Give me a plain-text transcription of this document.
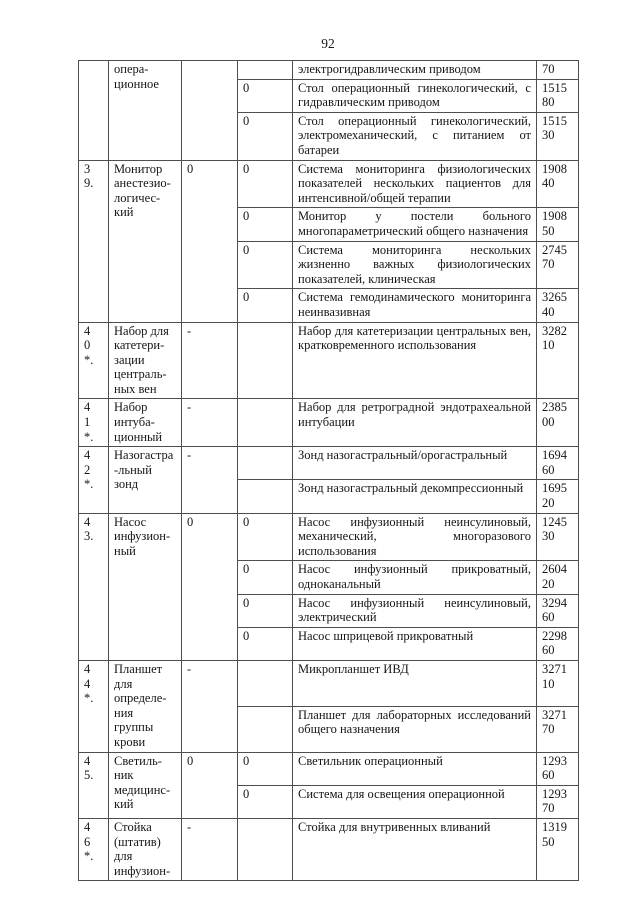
92
	опера-
ционное			электрогидравлическим приводом	70
			0	Стол операционный гинекологический, с гидравлическим приводом	1515
80
			0	Стол операционный гинекологический, электромеханический, с питанием от батареи	1515
30
3
9.	Монитор
анестезио-
логичес-
кий	0	0	Система мониторинга физиологических показателей нескольких пациентов для интенсивной/общей терапии	1908
40
			0	Монитор у постели больного многопараметрический общего назначения	1908
50
			0	Система мониторинга нескольких жизненно важных физиологических показателей, клиническая	2745
70
			0	Система гемодинамического мониторинга неинвазивная	3265
40
4
0
*.	Набор для
катетери-
зации
централь-
ных вен	-		Набор для катетеризации центральных вен, кратковременного использования	3282
10
4
1
*.	Набор
интуба-
ционный	-		Набор для ретроградной эндотрахеальной интубации	2385
00
4
2
*.	Назогастра
-льный
зонд	-		Зонд назогастральный/орогастральный	1694
60
				Зонд назогастральный декомпрессионный	1695
20
4
3.	Насос
инфузион-
ный	0	0	Насос инфузионный неинсулиновый, механический, многоразового использования	1245
30
			0	Насос инфузионный прикроватный, одноканальный	2604
20
			0	Насос инфузионный неинсулиновый, электрический	3294
60
			0	Насос шприцевой прикроватный	2298
60
4
4
*.	Планшет
для
определе-
ния
группы
крови	-		Микропланшет ИВД	3271
10
				Планшет для лабораторных исследований общего назначения	3271
70
4
5.	Светиль-
ник
медицинс-
кий	0	0	Светильник операционный	1293
60
			0	Система для освещения операционной	1293
70
4
6
*.	Стойка
(штатив)
для
инфузион-	-		Стойка для внутривенных вливаний	1319
50
